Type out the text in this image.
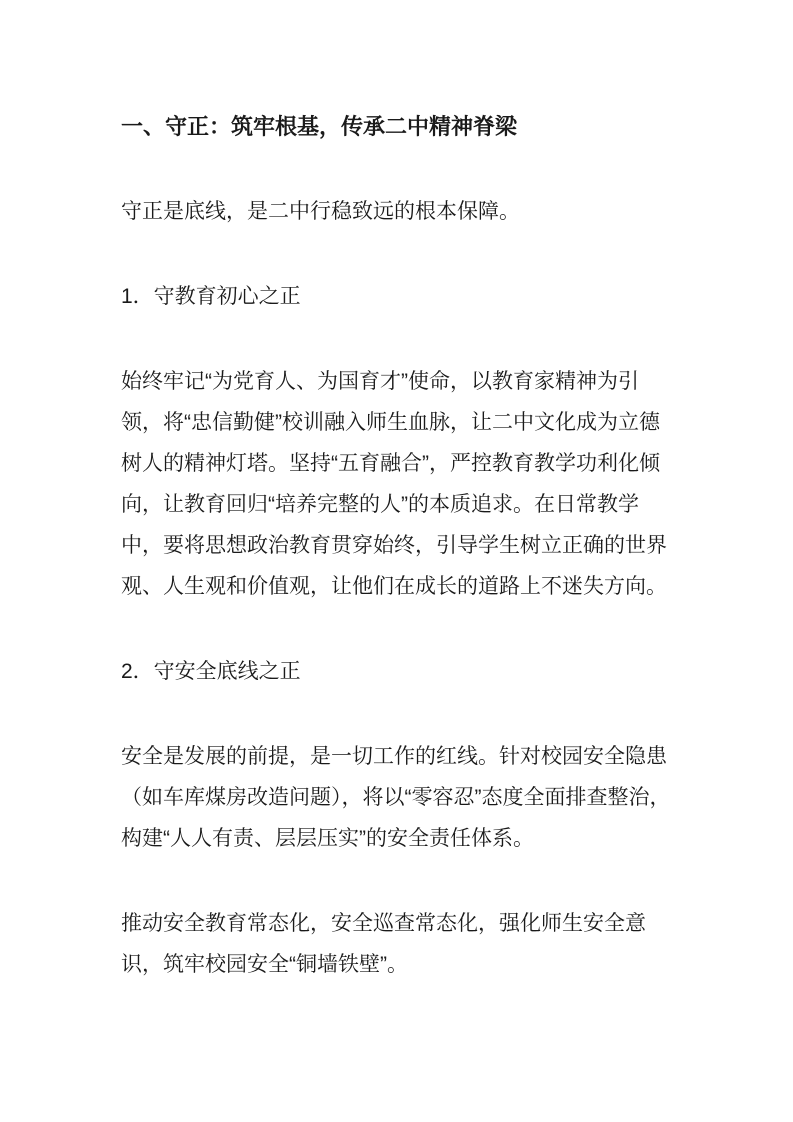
一、守正：筑牢根基，传承二中精神脊梁

守正是底线，是二中行稳致远的根本保障。

1．守教育初心之正

始终牢记“为党育人、为国育才”使命，以教育家精神为引领，将“忠信勤健”校训融入师生血脉，让二中文化成为立德树人的精神灯塔。坚持“五育融合”，严控教育教学功利化倾向，让教育回归“培养完整的人”的本质追求。在日常教学中，要将思想政治教育贯穿始终，引导学生树立正确的世界观、人生观和价值观，让他们在成长的道路上不迷失方向。

2．守安全底线之正

安全是发展的前提，是一切工作的红线。针对校园安全隐患（如车库煤房改造问题），将以“零容忍”态度全面排查整治，构建“人人有责、层层压实”的安全责任体系。

推动安全教育常态化，安全巡查常态化，强化师生安全意识，筑牢校园安全“铜墙铁壁”。
